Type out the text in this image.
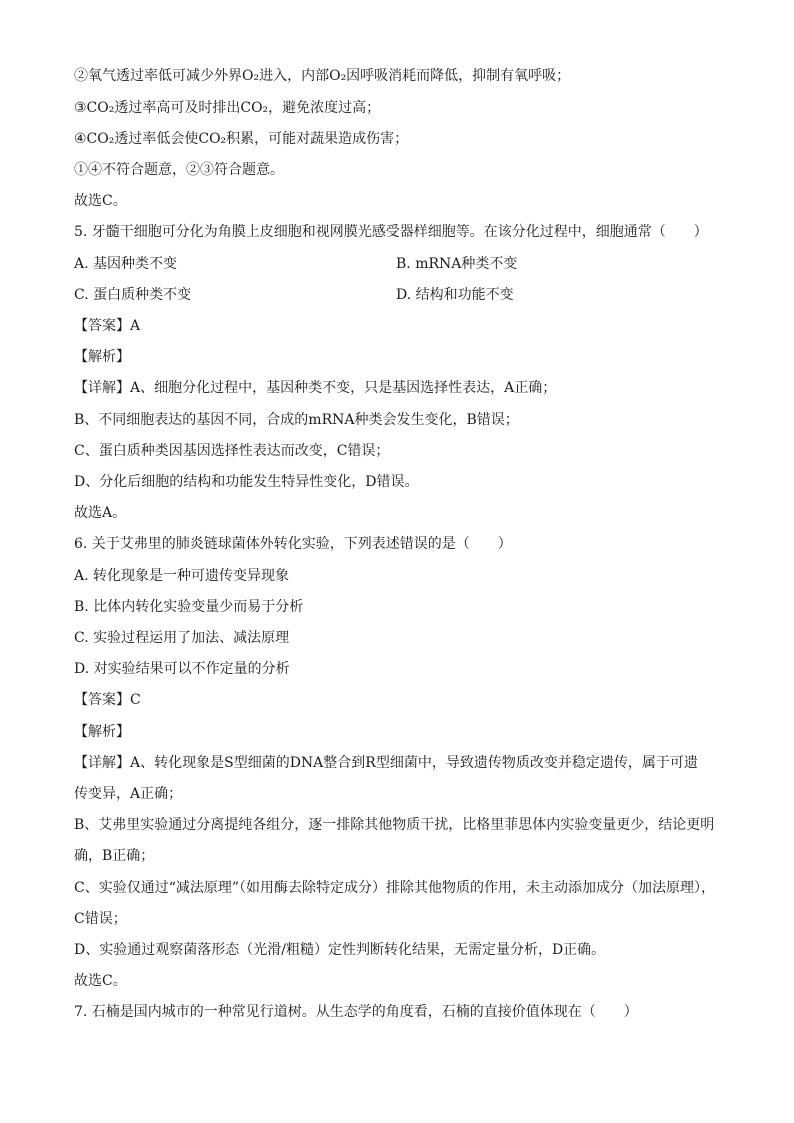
②氧气透过率低可减少外界O₂进入，内部O₂因呼吸消耗而降低，抑制有氧呼吸；
③CO₂透过率高可及时排出CO₂，避免浓度过高；
④CO₂透过率低会使CO₂积累，可能对蔬果造成伤害；
①④不符合题意，②③符合题意。
故选C。
5. 牙髓干细胞可分化为角膜上皮细胞和视网膜光感受器样细胞等。在该分化过程中，细胞通常（　　）
A. 基因种类不变	B. mRNA种类不变
C. 蛋白质种类不变	D. 结构和功能不变
【答案】A
【解析】
【详解】A、细胞分化过程中，基因种类不变，只是基因选择性表达，A正确；
B、不同细胞表达的基因不同，合成的mRNA种类会发生变化，B错误；
C、蛋白质种类因基因选择性表达而改变，C错误；
D、分化后细胞的结构和功能发生特异性变化，D错误。
故选A。
6. 关于艾弗里的肺炎链球菌体外转化实验，下列表述错误的是（　　）
A. 转化现象是一种可遗传变异现象
B. 比体内转化实验变量少而易于分析
C. 实验过程运用了加法、减法原理
D. 对实验结果可以不作定量的分析
【答案】C
【解析】
【详解】A、转化现象是S型细菌的DNA整合到R型细菌中，导致遗传物质改变并稳定遗传，属于可遗
传变异，A正确；
B、艾弗里实验通过分离提纯各组分，逐一排除其他物质干扰，比格里菲思体内实验变量更少，结论更明
确，B正确；
C、实验仅通过“减法原理”（如用酶去除特定成分）排除其他物质的作用，未主动添加成分（加法原理），
C错误；
D、实验通过观察菌落形态（光滑/粗糙）定性判断转化结果，无需定量分析，D正确。
故选C。
7. 石楠是国内城市的一种常见行道树。从生态学的角度看，石楠的直接价值体现在（　　）
